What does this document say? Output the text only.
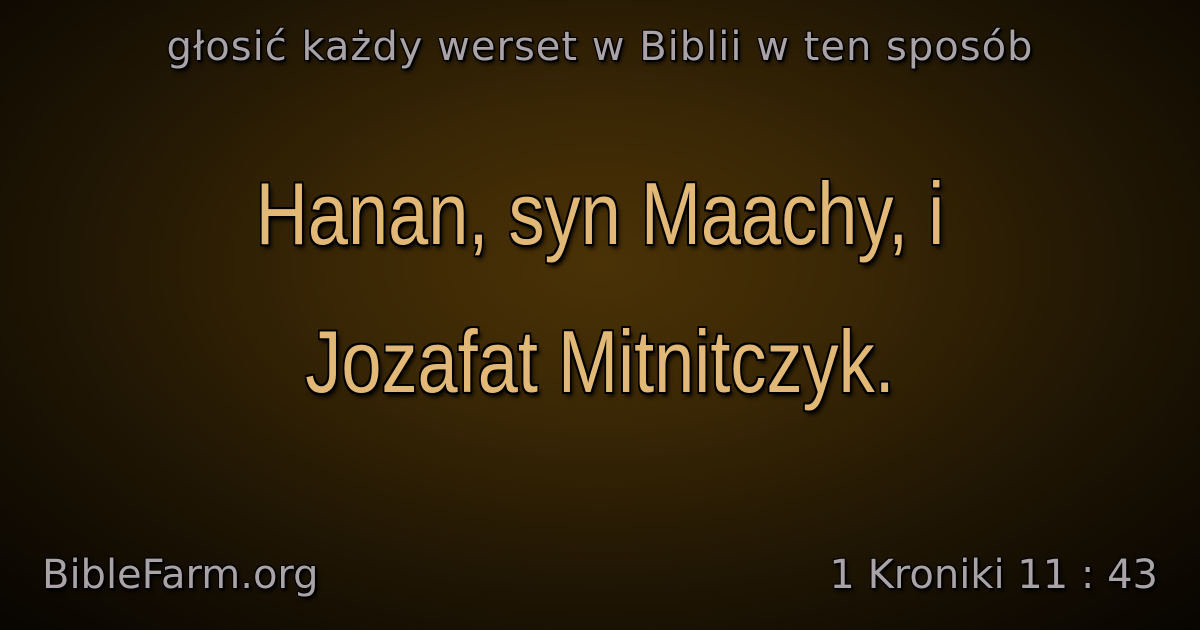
głosić każdy werset w Biblii w ten sposób
Hanan, syn Maachy, i
Jozafat Mitnitczyk.
BibleFarm.org	1 Kroniki 11 : 43
